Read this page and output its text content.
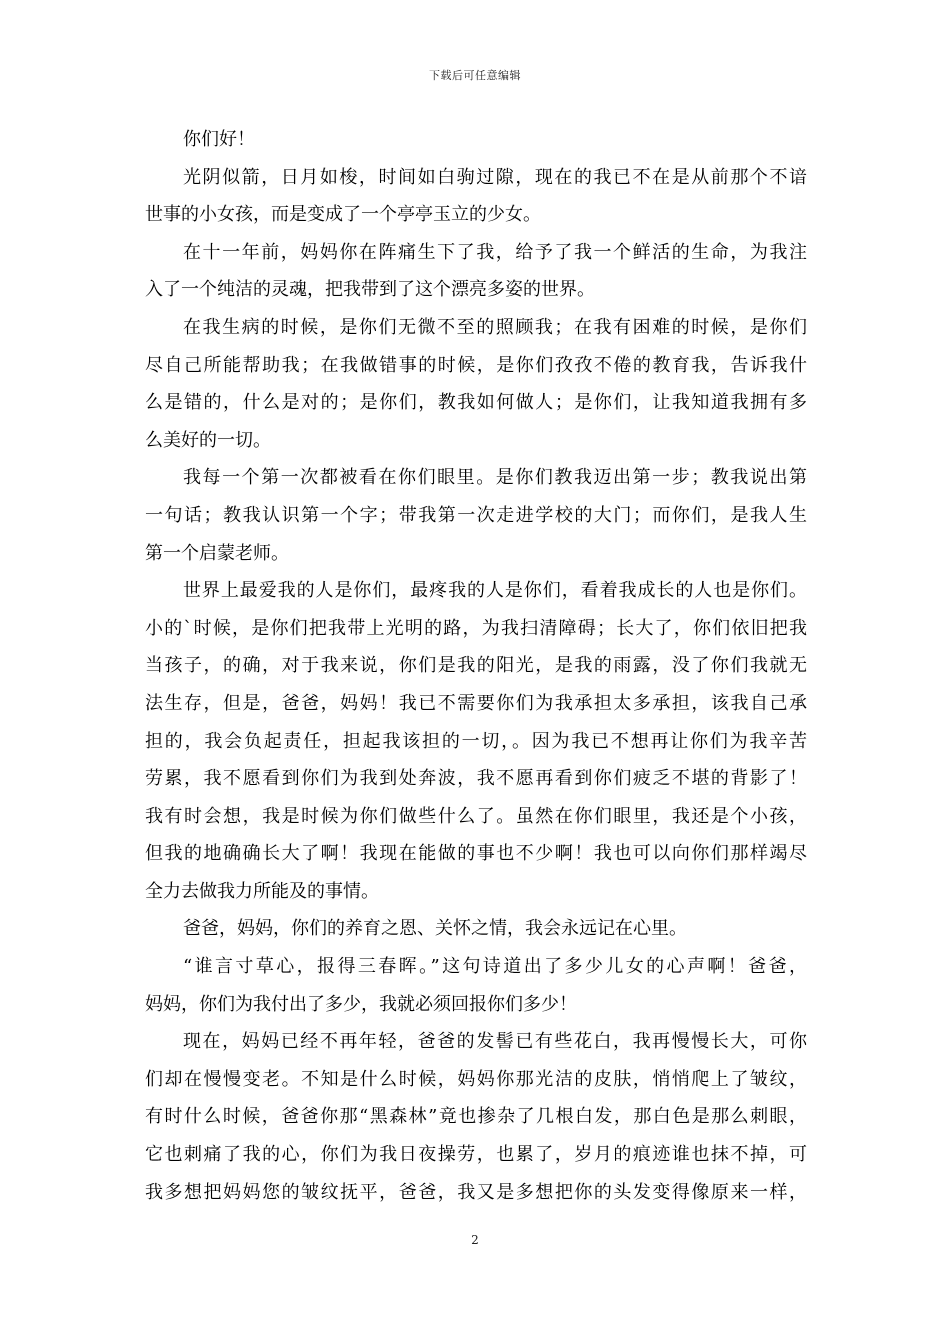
下载后可任意编辑
你们好！
光阴似箭，日月如梭，时间如白驹过隙，现在的我已不在是从前那个不谙
世事的小女孩，而是变成了一个亭亭玉立的少女。
在十一年前，妈妈你在阵痛生下了我，给予了我一个鲜活的生命，为我注
入了一个纯洁的灵魂，把我带到了这个漂亮多姿的世界。
在我生病的时候，是你们无微不至的照顾我；在我有困难的时候，是你们
尽自己所能帮助我；在我做错事的时候，是你们孜孜不倦的教育我，告诉我什
么是错的，什么是对的；是你们，教我如何做人；是你们，让我知道我拥有多
么美好的一切。
我每一个第一次都被看在你们眼里。是你们教我迈出第一步；教我说出第
一句话；教我认识第一个字；带我第一次走进学校的大门；而你们，是我人生
第一个启蒙老师。
世界上最爱我的人是你们，最疼我的人是你们，看着我成长的人也是你们。
小的`时候，是你们把我带上光明的路，为我扫清障碍；长大了，你们依旧把我
当孩子，的确，对于我来说，你们是我的阳光，是我的雨露，没了你们我就无
法生存，但是，爸爸，妈妈！我已不需要你们为我承担太多承担，该我自己承
担的，我会负起责任，担起我该担的一切，。因为我已不想再让你们为我辛苦
劳累，我不愿看到你们为我到处奔波，我不愿再看到你们疲乏不堪的背影了！
我有时会想，我是时候为你们做些什么了。虽然在你们眼里，我还是个小孩，
但我的地确确长大了啊！我现在能做的事也不少啊！我也可以向你们那样竭尽
全力去做我力所能及的事情。
爸爸，妈妈，你们的养育之恩、关怀之情，我会永远记在心里。
“谁言寸草心，报得三春晖。”这句诗道出了多少儿女的心声啊！爸爸，
妈妈，你们为我付出了多少，我就必须回报你们多少！
现在，妈妈已经不再年轻，爸爸的发髻已有些花白，我再慢慢长大，可你
们却在慢慢变老。不知是什么时候，妈妈你那光洁的皮肤，悄悄爬上了皱纹，
有时什么时候，爸爸你那“黑森林”竟也掺杂了几根白发，那白色是那么刺眼，
它也刺痛了我的心，你们为我日夜操劳，也累了，岁月的痕迹谁也抹不掉，可
我多想把妈妈您的皱纹抚平，爸爸，我又是多想把你的头发变得像原来一样，
2
